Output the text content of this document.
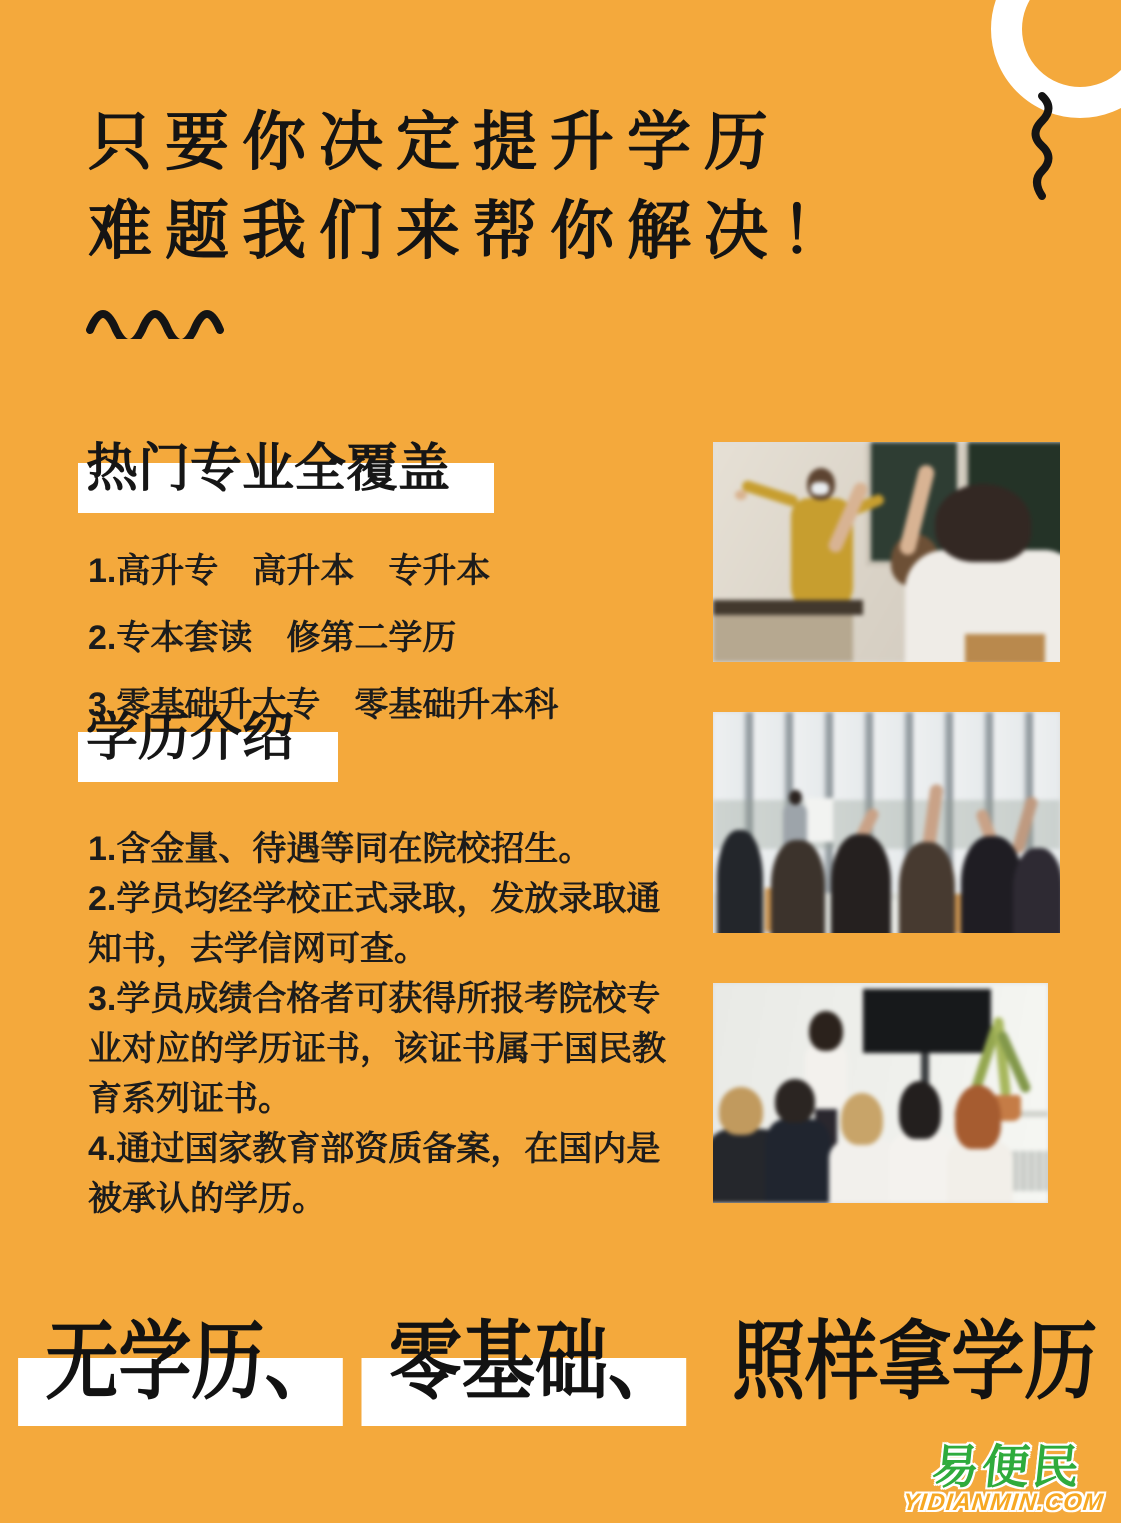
只要你决定提升学历
难题我们来帮你解决！
热门专业全覆盖
1.高升专　高升本　专升本
2.专本套读　修第二学历
3.零基础升大专　零基础升本科
学历介绍
1.含金量、待遇等同在院校招生。
2.学员均经学校正式录取，发放录取通知书，去学信网可查。
3.学员成绩合格者可获得所报考院校专业对应的学历证书，该证书属于国民教育系列证书。
4.通过国家教育部资质备案，在国内是被承认的学历。
无学历、 零基础、 照样拿学历
易便民
YIDIANMIN.COM
